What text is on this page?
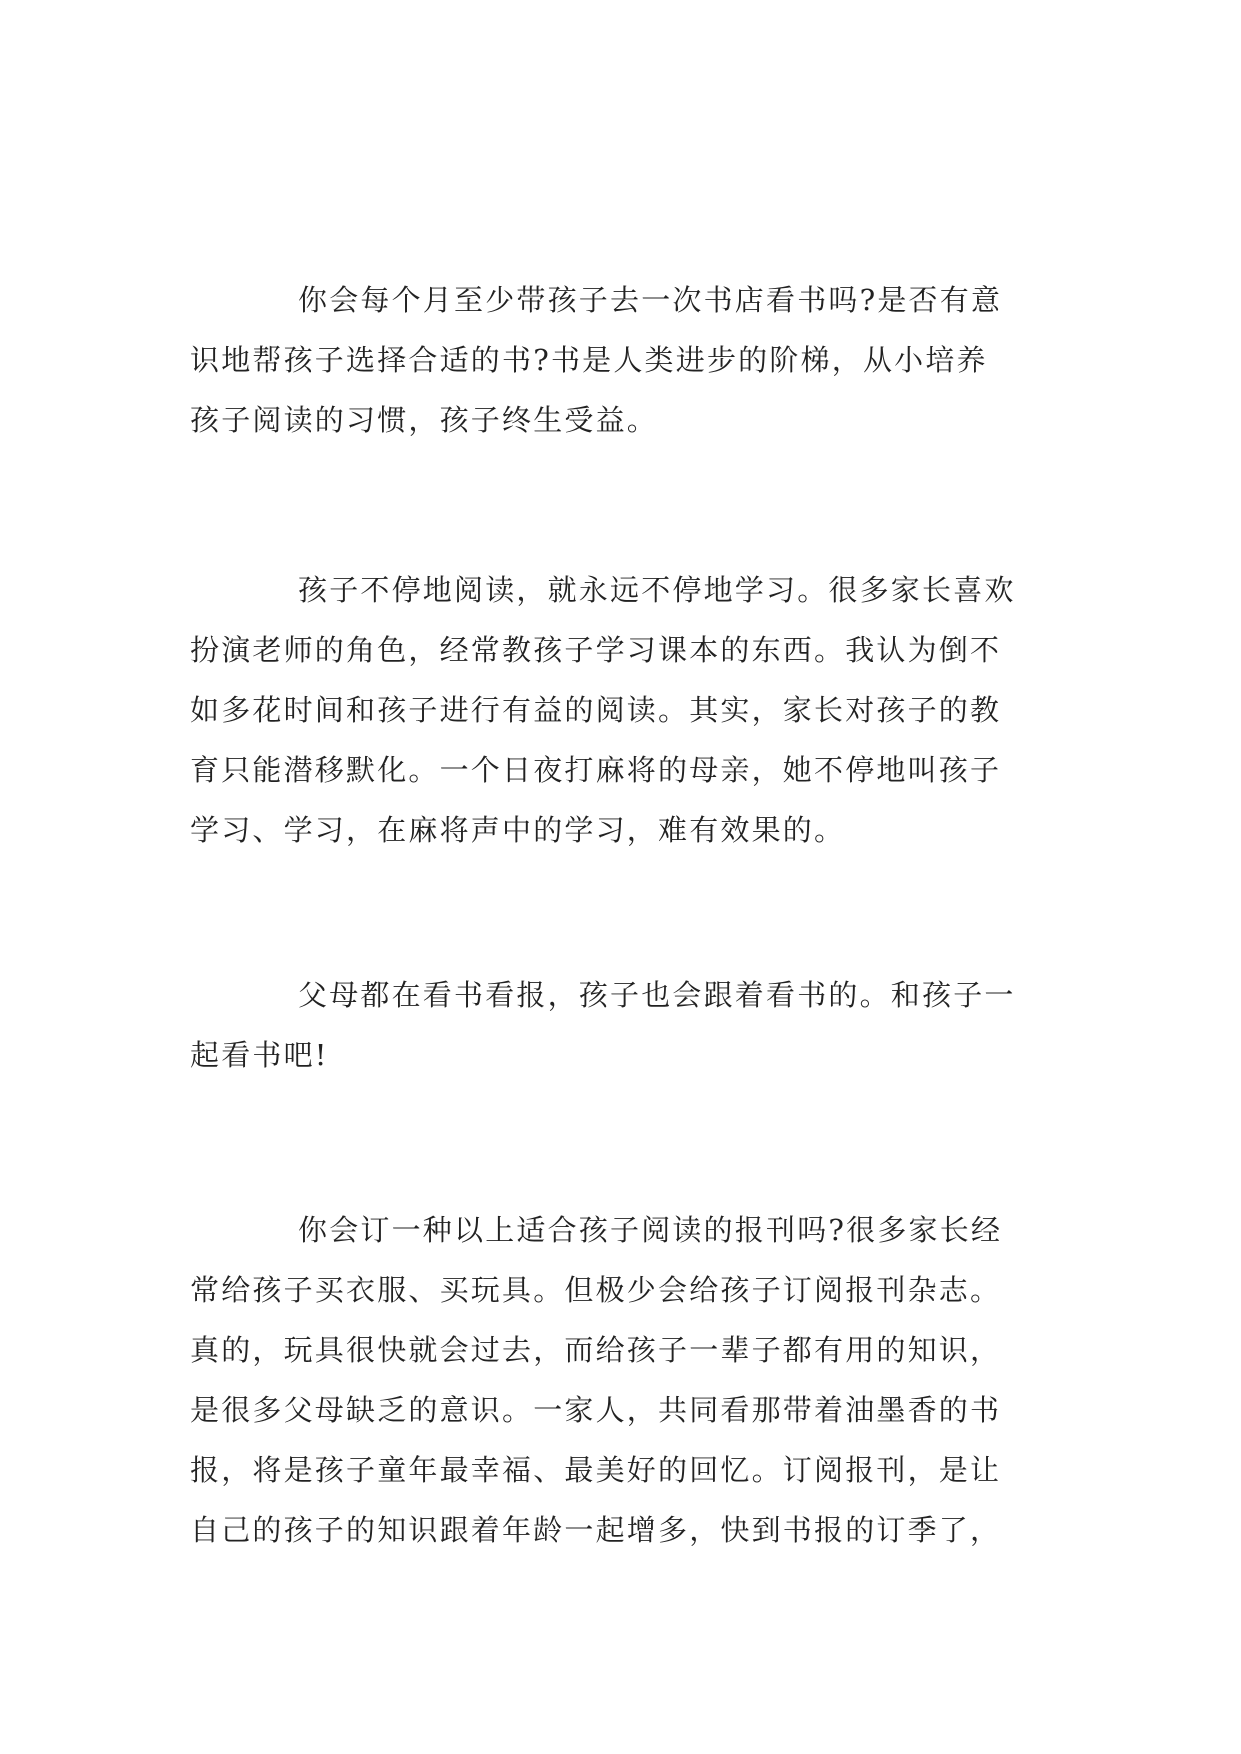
你会每个月至少带孩子去一次书店看书吗?是否有意
识地帮孩子选择合适的书?书是人类进步的阶梯，从小培养
孩子阅读的习惯，孩子终生受益。

孩子不停地阅读，就永远不停地学习。很多家长喜欢
扮演老师的角色，经常教孩子学习课本的东西。我认为倒不
如多花时间和孩子进行有益的阅读。其实，家长对孩子的教
育只能潜移默化。一个日夜打麻将的母亲，她不停地叫孩子
学习、学习，在麻将声中的学习，难有效果的。

父母都在看书看报，孩子也会跟着看书的。和孩子一
起看书吧!

你会订一种以上适合孩子阅读的报刊吗?很多家长经
常给孩子买衣服、买玩具。但极少会给孩子订阅报刊杂志。
真的，玩具很快就会过去，而给孩子一辈子都有用的知识，
是很多父母缺乏的意识。一家人，共同看那带着油墨香的书
报，将是孩子童年最幸福、最美好的回忆。订阅报刊，是让
自己的孩子的知识跟着年龄一起增多，快到书报的订季了，
